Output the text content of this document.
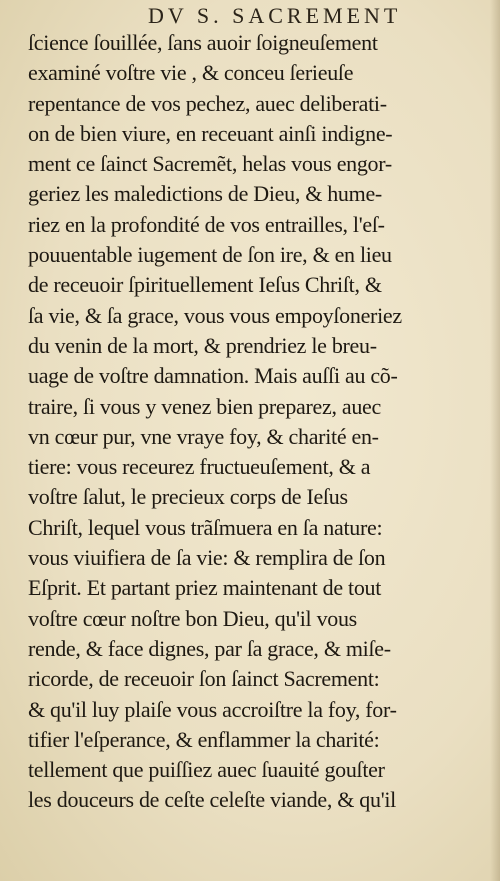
DV S. SACREMENT

ſcience ſouillée, ſans auoir ſoigneuſement
examiné voſtre vie , & conceu ſerieuſe
repentance de vos pechez, auec deliberati-
on de bien viure, en receuant ainſi indigne-
ment ce ſainct Sacremẽt, helas vous engor-
geriez les maledictions de Dieu, & hume-
riez en la profondité de vos entrailles, l'eſ-
pouuentable iugement de ſon ire, & en lieu
de receuoir ſpirituellement Ieſus Chriſt, &
ſa vie, & ſa grace, vous vous empoyſoneriez
du venin de la mort, & prendriez le breu-
uage de voſtre damnation. Mais auſſi au cõ-
traire, ſi vous y venez bien preparez, auec
vn cœur pur, vne vraye foy, & charité en-
tiere: vous receurez fructueuſement, & a
voſtre ſalut, le precieux corps de Ieſus
Chriſt, lequel vous trãſmuera en ſa nature:
vous viuifiera de ſa vie: & remplira de ſon
Eſprit. Et partant priez maintenant de tout
voſtre cœur noſtre bon Dieu, qu'il vous
rende, & face dignes, par ſa grace, & miſe-
ricorde, de receuoir ſon ſainct Sacrement:
& qu'il luy plaiſe vous accroiſtre la foy, for-
tifier l'eſperance, & enflammer la charité:
tellement que puiſſiez auec ſuauité gouſter
les douceurs de ceſte celeſte viande, & qu'il
